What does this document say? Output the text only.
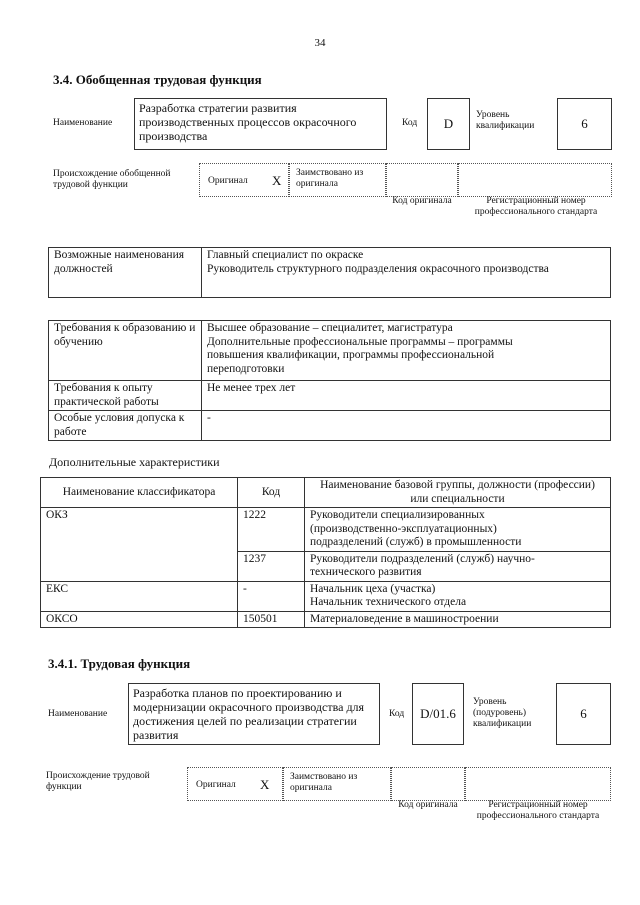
34
3.4. Обобщенная трудовая функция
Наименование
Разработка стратегии развития производственных процессов окрасочного производства
Код	D
Уровень квалификации	6
Происхождение обобщенной трудовой функции	Оригинал X Заимствовано из оригинала
Код оригинала	Регистрационный номер профессионального стандарта
Возможные наименования должностей	
Главный специалист по окраске
Руководитель структурного подразделения окрасочного производства
Требования к образованию и обучению	Высшее образование – специалитет, магистратура
Дополнительные профессиональные программы – программы
повышения квалификации, программы профессиональной
переподготовки

Требования к опыту практической работы	Не менее трех лет
Особые условия допуска к работе	-
Дополнительные характеристики
Наименование классификатора	Код	Наименование базовой группы, должности (профессии) или специальности
ОКЗ	1222	Руководители специализированных
(производственно-эксплуатационных)
подразделений (служб) в промышленности

	1237	Руководители подразделений (служб) научно-
технического развития

ЕКС	-	Начальник цеха (участка)
Начальник технического отдела

ОКСО	150501	Материаловедение в машиностроении
3.4.1. Трудовая функция
Наименование
Разработка планов по проектированию и модернизации окрасочного производства для достижения целей по реализации стратегии развития
Код	D/01.6
Уровень (подуровень) квалификации
6
Происхождение трудовой функции	Оригинал X Заимствовано из оригинала
Код оригинала	Регистрационный номер профессионального стандарта
